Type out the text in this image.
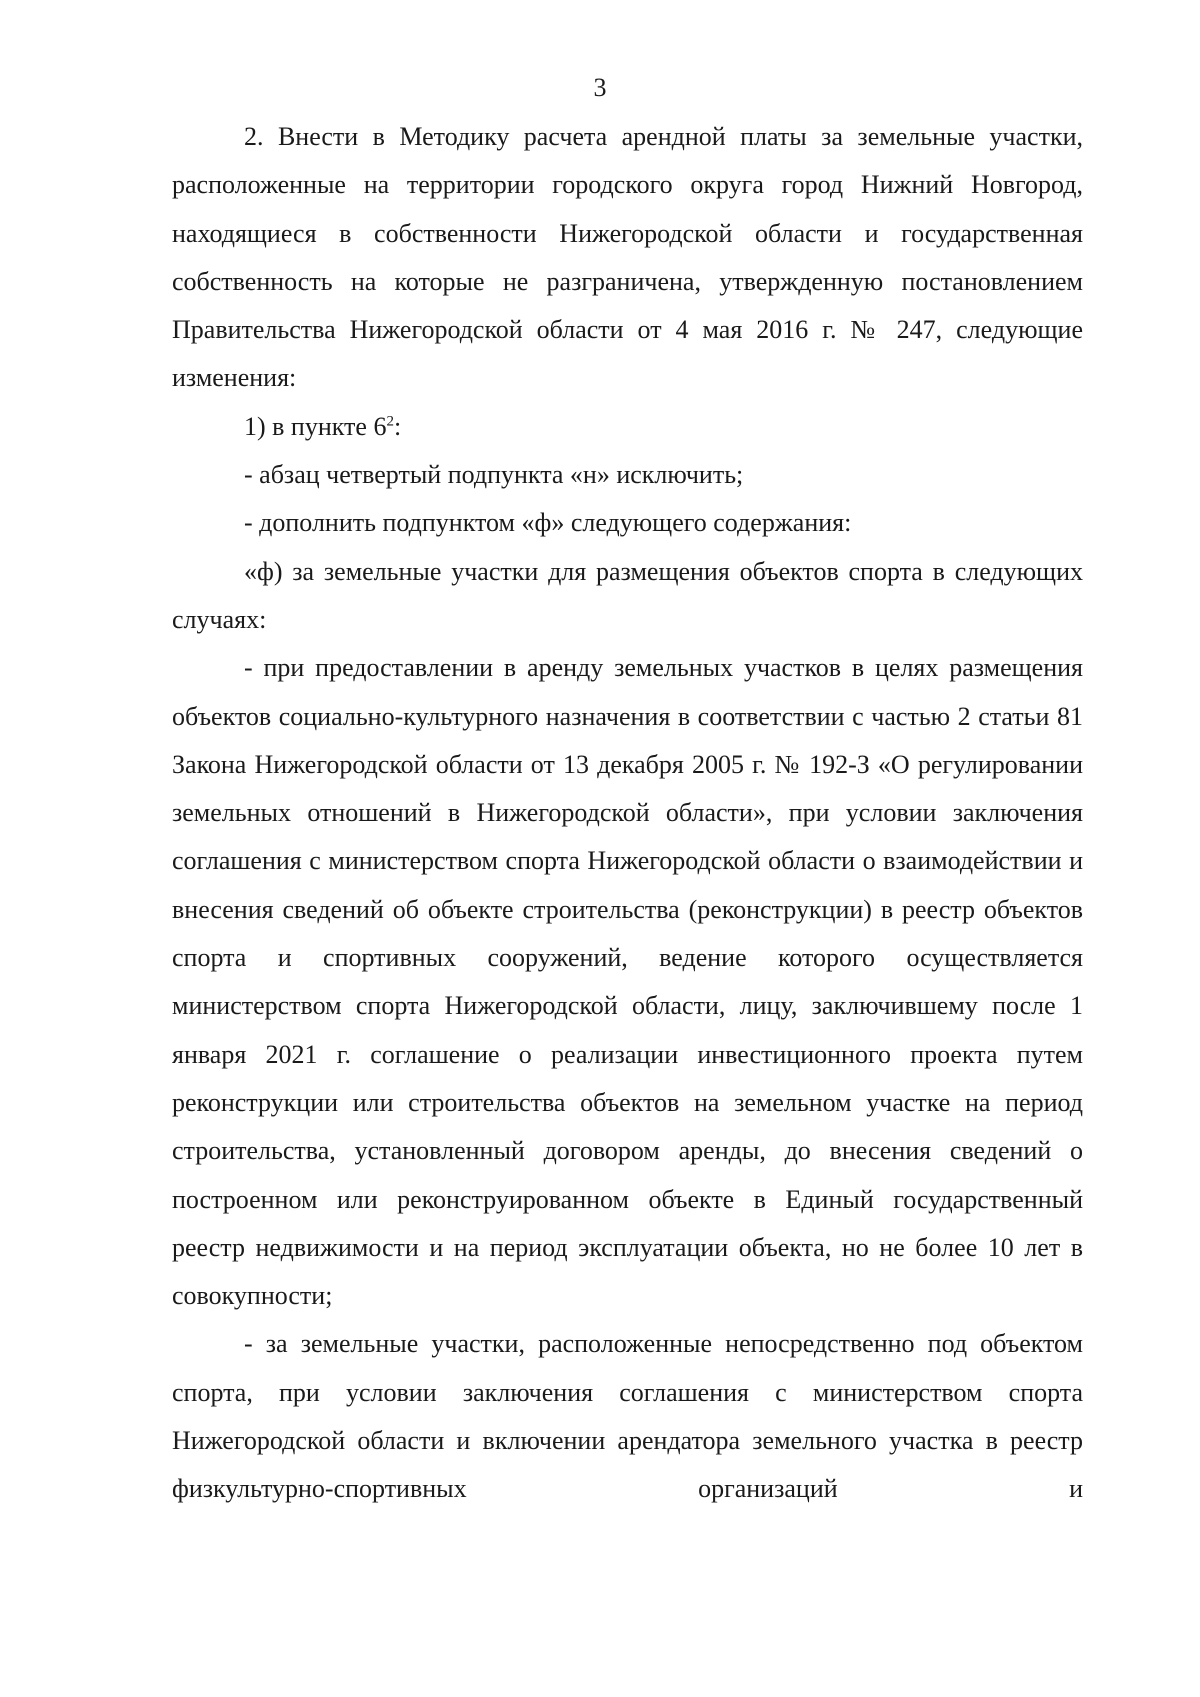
3

2. Внести в Методику расчета арендной платы за земельные участки, расположенные на территории городского округа город Нижний Новгород, находящиеся в собственности Нижегородской области и государственная собственность на которые не разграничена, утвержденную постановлением Правительства Нижегородской области от 4 мая 2016 г. № 247, следующие изменения:

1) в пункте $6^2$:

- абзац четвертый подпункта «н» исключить;

- дополнить подпунктом «ф» следующего содержания:

«ф) за земельные участки для размещения объектов спорта в следующих случаях:

- при предоставлении в аренду земельных участков в целях размещения объектов социально-культурного назначения в соответствии с частью 2 статьи 81 Закона Нижегородской области от 13 декабря 2005 г. № 192-З «О регулировании земельных отношений в Нижегородской области», при условии заключения соглашения с министерством спорта Нижегородской области о взаимодействии и внесения сведений об объекте строительства (реконструкции) в реестр объектов спорта и спортивных сооружений, ведение которого осуществляется министерством спорта Нижегородской области, лицу, заключившему после 1 января 2021 г. соглашение о реализации инвестиционного проекта путем реконструкции или строительства объектов на земельном участке на период строительства, установленный договором аренды, до внесения сведений о построенном или реконструированном объекте в Единый государственный реестр недвижимости и на период эксплуатации объекта, но не более 10 лет в совокупности;

- за земельные участки, расположенные непосредственно под объектом спорта, при условии заключения соглашения с министерством спорта Нижегородской области и включении арендатора земельного участка в реестр физкультурно-спортивных организаций и
